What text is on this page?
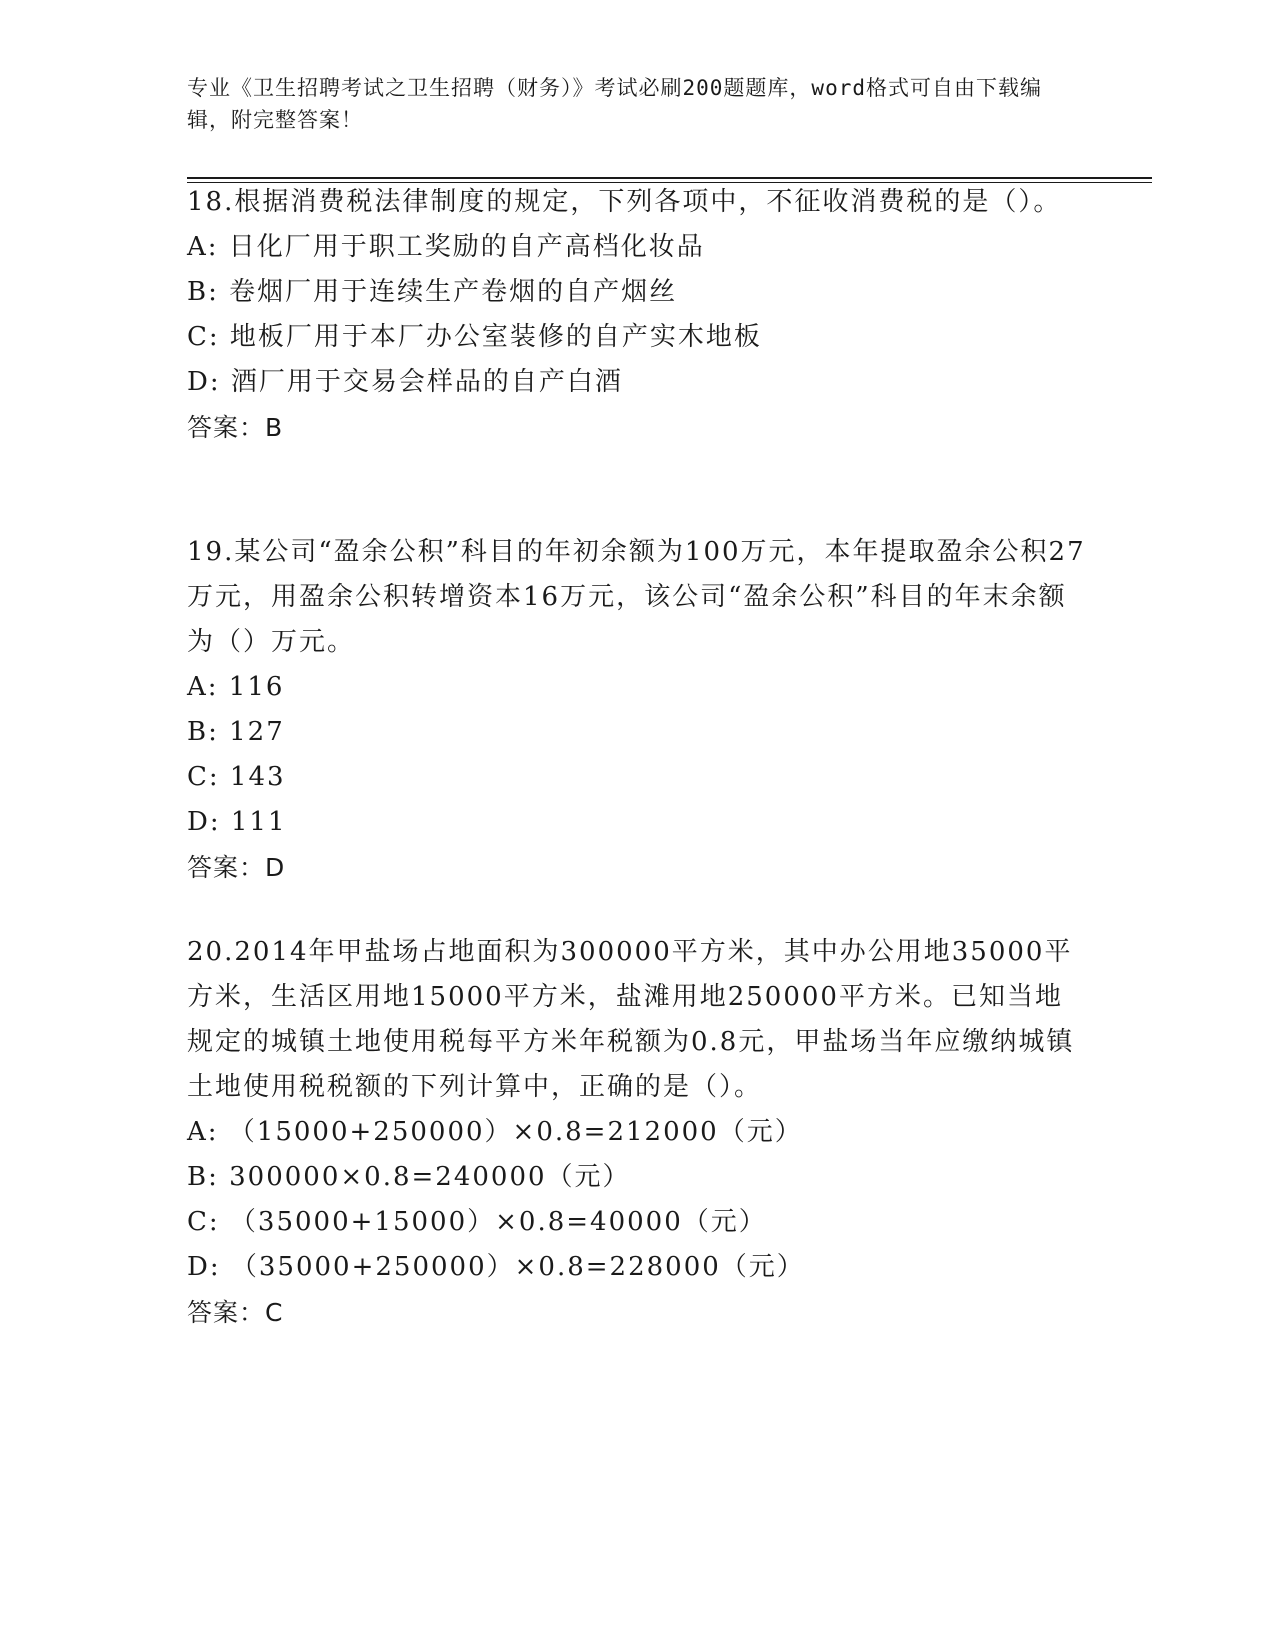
专业《卫生招聘考试之卫生招聘（财务）》考试必刷200题题库，word格式可自由下载编辑，附完整答案！

18.根据消费税法律制度的规定，下列各项中，不征收消费税的是（）。

A: 日化厂用于职工奖励的自产高档化妆品
B: 卷烟厂用于连续生产卷烟的自产烟丝
C: 地板厂用于本厂办公室装修的自产实木地板
D: 酒厂用于交易会样品的自产白酒
答案：B

19.某公司“盈余公积”科目的年初余额为100万元，本年提取盈余公积27万元，用盈余公积转增资本16万元，该公司“盈余公积”科目的年末余额为（）万元。

A: 116
B: 127
C: 143
D: 111
答案：D

20.2014年甲盐场占地面积为300000平方米，其中办公用地35000平方米，生活区用地15000平方米，盐滩用地250000平方米。已知当地规定的城镇土地使用税每平方米年税额为0.8元，甲盐场当年应缴纳城镇土地使用税税额的下列计算中，正确的是（）。

A: （15000+250000）×0.8=212000（元）
B: 300000×0.8=240000（元）
C: （35000+15000）×0.8=40000（元）
D: （35000+250000）×0.8=228000（元）
答案：C
